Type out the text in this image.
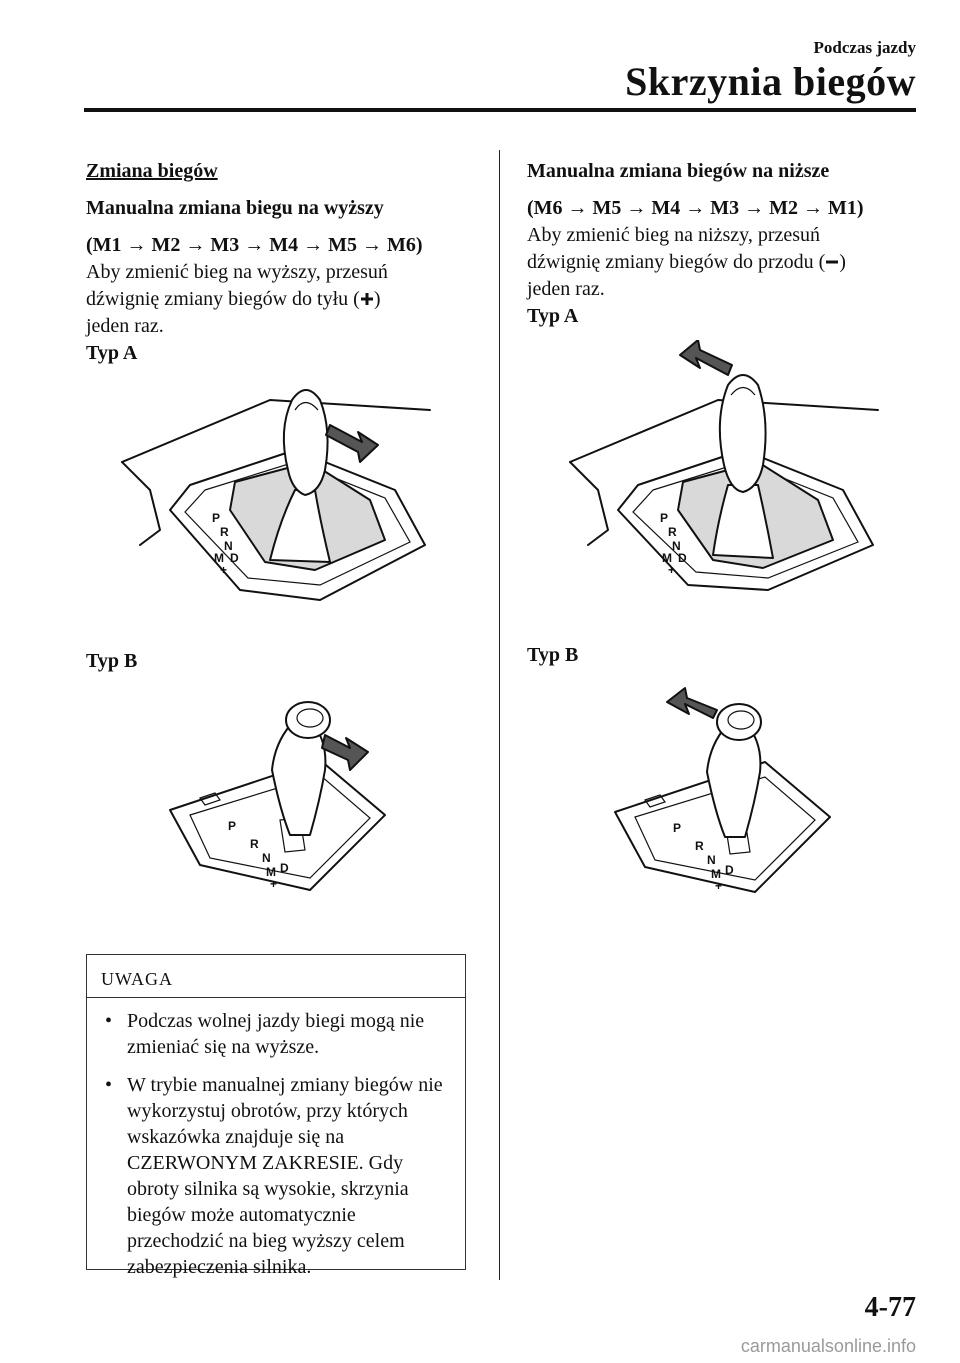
Podczas jazdy
Skrzynia biegów

Zmiana biegów

Manualna zmiana biegu na wyższy

(M1 → M2 → M3 → M4 → M5 → M6)

Aby zmienić bieg na wyższy, przesuń

dźwignię zmiany biegów do tyłu ( )

jeden raz.

Typ A

Typ B
P
R
N
M D
+
P
R
N
M D
+
UWAGA
• Podczas wolnej jazdy biegi mogą nie zmieniać się na wyższe.
• W trybie manualnej zmiany biegów nie wykorzystuj obrotów, przy których wskazówka znajduje się na CZERWONYM ZAKRESIE. Gdy obroty silnika są wysokie, skrzynia biegów może automatycznie przechodzić na bieg wyższy celem zabezpieczenia silnika.

Manualna zmiana biegów na niższe

(M6 → M5 → M4 → M3 → M2 → M1)

Aby zmienić bieg na niższy, przesuń

dźwignię zmiany biegów do przodu ( )

jeden raz.

Typ A

Typ B
P
R
N
M D
+
P
R
N
M D
+
4-77
carmanualsonline.info
